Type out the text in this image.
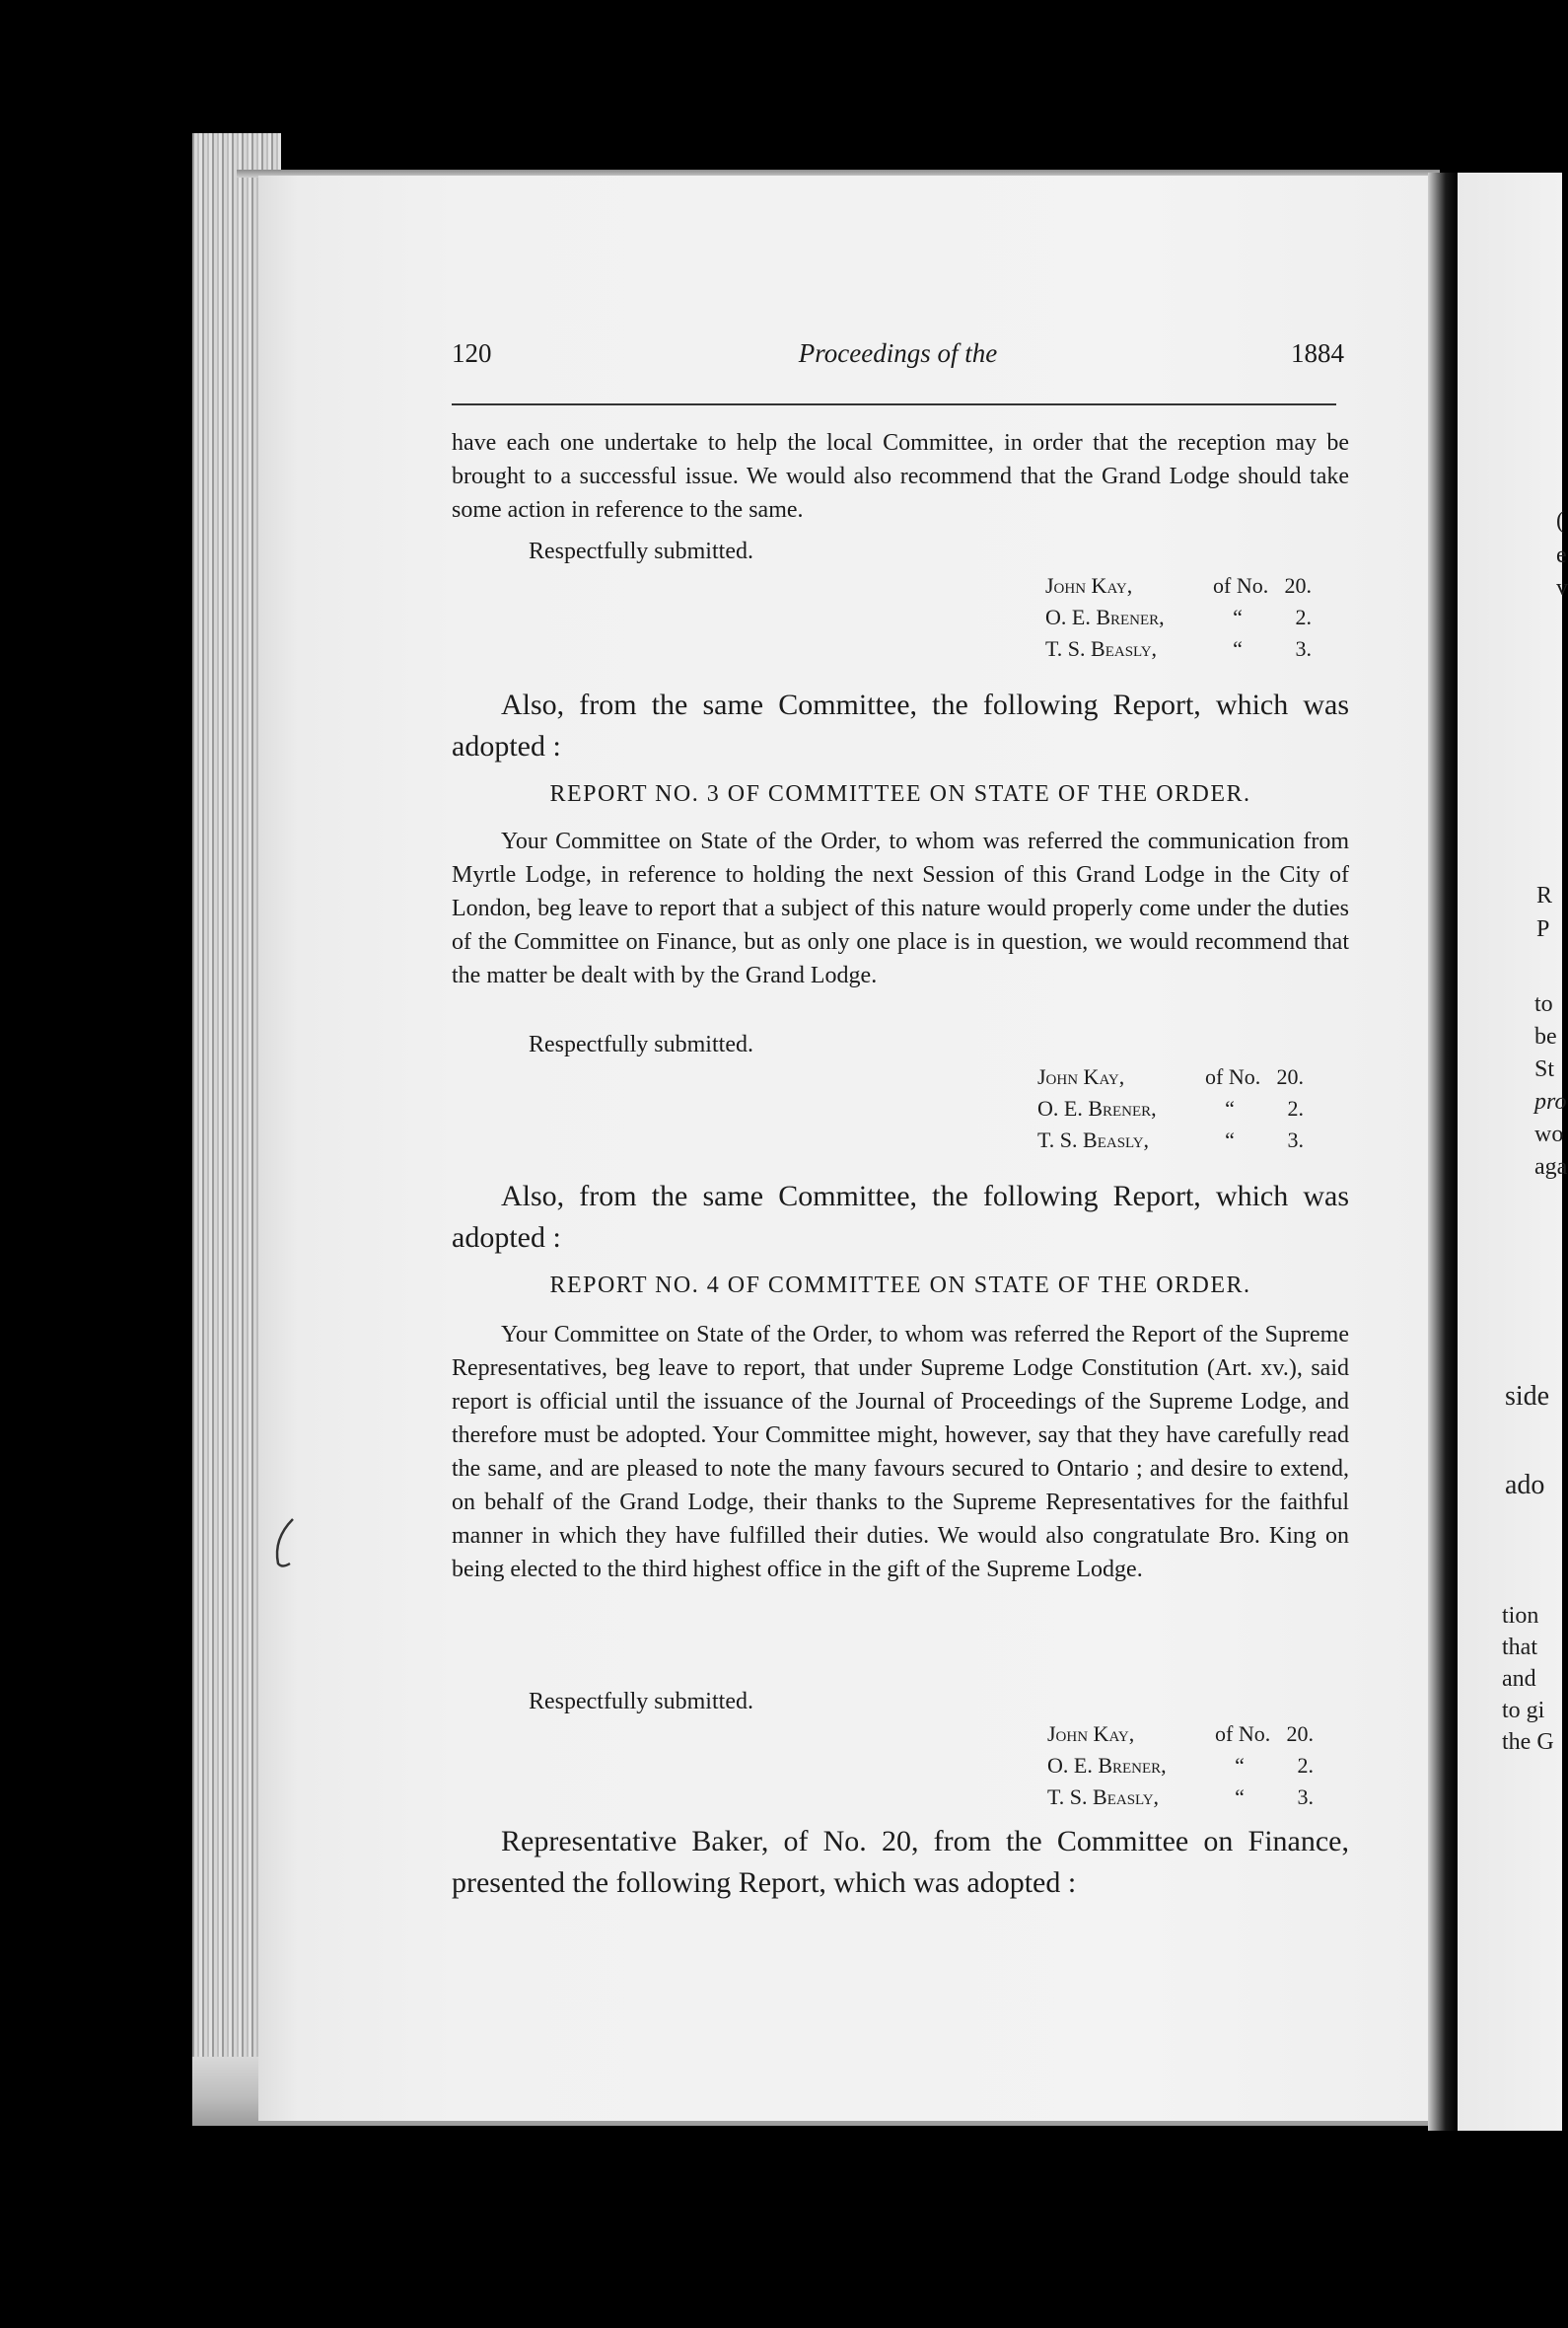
(
e
v
R
P
to
be
St
pro
wo
aga
side
ado
tion
that
and
to gi
the G
120	Proceedings of the	1884

have each one undertake to help the local Committee, in order that the reception may be brought to a successful issue. We would also recommend that the Grand Lodge should take some action in reference to the same.

Respectfully submitted.

John Kay,	of No. 20.
O. E. Brener,	“	2.
T. S. Beasly,	“	3.

Also, from the same Committee, the following Report, which was adopted :

REPORT NO. 3 OF COMMITTEE ON STATE OF THE ORDER.

Your Committee on State of the Order, to whom was referred the communication from Myrtle Lodge, in reference to holding the next Session of this Grand Lodge in the City of London, beg leave to report that a subject of this nature would properly come under the duties of the Committee on Finance, but as only one place is in question, we would recommend that the matter be dealt with by the Grand Lodge.

Respectfully submitted.

John Kay,	of No. 20.
O. E. Brener,	“	2.
T. S. Beasly,	“	3.

Also, from the same Committee, the following Report, which was adopted :

REPORT NO. 4 OF COMMITTEE ON STATE OF THE ORDER.

Your Committee on State of the Order, to whom was referred the Report of the Supreme Representatives, beg leave to report, that under Supreme Lodge Constitution (Art. xv.), said report is official until the issuance of the Journal of Proceedings of the Supreme Lodge, and therefore must be adopted. Your Committee might, however, say that they have carefully read the same, and are pleased to note the many favours secured to Ontario ; and desire to extend, on behalf of the Grand Lodge, their thanks to the Supreme Representatives for the faithful manner in which they have fulfilled their duties. We would also congratulate Bro. King on being elected to the third highest office in the gift of the Supreme Lodge.

Respectfully submitted.

John Kay,	of No. 20.
O. E. Brener,	“	2.
T. S. Beasly,	“	3.

Representative Baker, of No. 20, from the Committee on Finance, presented the following Report, which was adopted :
